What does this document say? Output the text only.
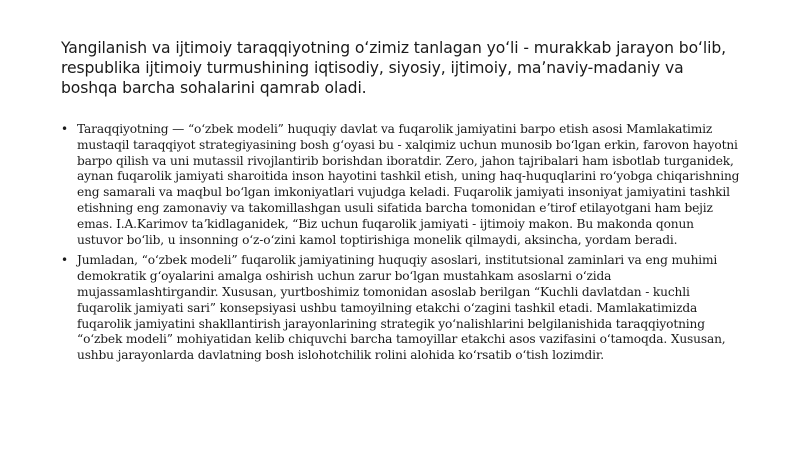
Yangilanish va ijtimoiy taraqqiyotning oʻzimiz tanlagan yoʻli - murakkab jarayon boʻlib, respublika ijtimoiy turmushining iqtisodiy, siyosiy, ijtimoiy, maʼnaviy-madaniy va boshqa barcha sohalarini qamrab oladi.
• Taraqqiyotning — “oʻzbek modeli” huquqiy davlat va fuqarolik jamiyatini barpo etish asosi Mamlakatimiz mustaqil taraqqiyot strategiyasining bosh gʻoyasi bu - xalqimiz uchun munosib boʻlgan erkin, farovon hayotni barpo qilish va uni mutassil rivojlantirib borishdan iboratdir. Zero, jahon tajribalari ham isbotlab turganidek, aynan fuqarolik jamiyati sharoitida inson hayotini tashkil etish, uning haq-huquqlarini roʻyobga chiqarishning eng samarali va maqbul boʻlgan imkoniyatlari vujudga keladi. Fuqarolik jamiyati insoniyat jamiyatini tashkil etishning eng zamonaviy va takomillashgan usuli sifatida barcha tomonidan eʼtirof etilayotgani ham bejiz emas. I.A.Karimov taʼkidlaganidek, “Biz uchun fuqarolik jamiyati - ijtimoiy makon. Bu makonda qonun ustuvor boʻlib, u insonning oʻz-oʻzini kamol toptirishiga monelik qilmaydi, aksincha, yordam beradi.
• Jumladan, “oʻzbek modeli” fuqarolik jamiyatining huquqiy asoslari, institutsional zaminlari va eng muhimi demokratik gʻoyalarini amalga oshirish uchun zarur boʻlgan mustahkam asoslarni oʻzida mujassamlashtirgandir. Xususan, yurtboshimiz tomonidan asoslab berilgan “Kuchli davlatdan - kuchli fuqarolik jamiyati sari” konsepsiyasi ushbu tamoyilning etakchi oʻzagini tashkil etadi. Mamlakatimizda fuqarolik jamiyatini shakllantirish jarayonlarining strategik yoʻnalishlarini belgilanishida taraqqiyotning “oʻzbek modeli” mohiyatidan kelib chiquvchi barcha tamoyillar etakchi asos vazifasini oʻtamoqda. Xususan, ushbu jarayonlarda davlatning bosh islohotchilik rolini alohida koʻrsatib oʻtish lozimdir.
